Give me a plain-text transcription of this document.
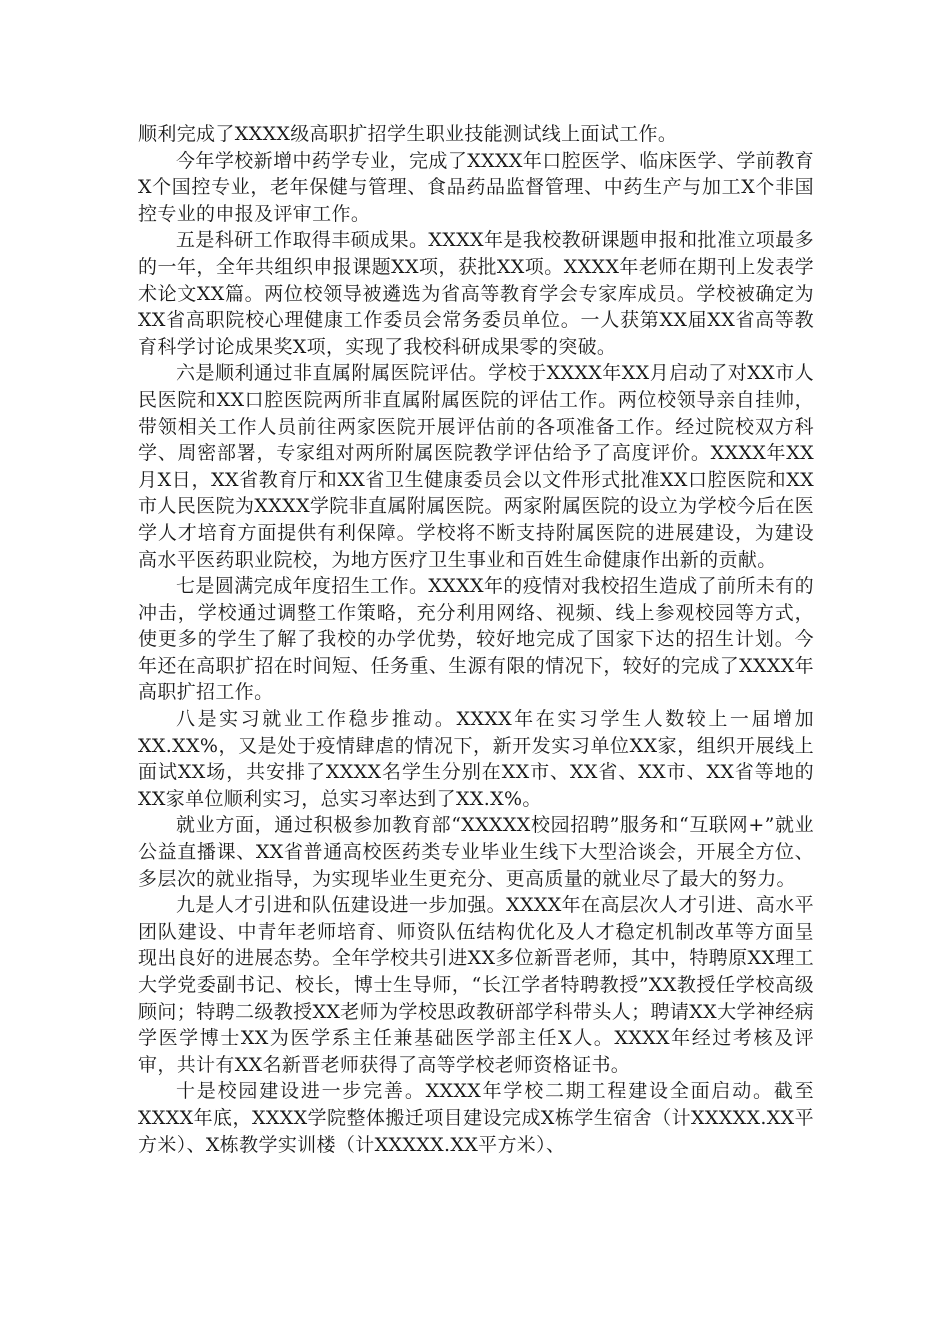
顺利完成了XXXX级高职扩招学生职业技能测试线上面试工作。

今年学校新增中药学专业，完成了XXXX年口腔医学、临床医学、学前教育X个国控专业，老年保健与管理、食品药品监督管理、中药生产与加工X个非国控专业的申报及评审工作。

五是科研工作取得丰硕成果。XXXX年是我校教研课题申报和批准立项最多的一年，全年共组织申报课题XX项，获批XX项。XXXX年老师在期刊上发表学术论文XX篇。两位校领导被遴选为省高等教育学会专家库成员。学校被确定为XX省高职院校心理健康工作委员会常务委员单位。一人获第XX届XX省高等教育科学讨论成果奖X项，实现了我校科研成果零的突破。

六是顺利通过非直属附属医院评估。学校于XXXX年XX月启动了对XX市人民医院和XX口腔医院两所非直属附属医院的评估工作。两位校领导亲自挂帅，带领相关工作人员前往两家医院开展评估前的各项准备工作。经过院校双方科学、周密部署，专家组对两所附属医院教学评估给予了高度评价。XXXX年XX月X日，XX省教育厅和XX省卫生健康委员会以文件形式批准XX口腔医院和XX市人民医院为XXXX学院非直属附属医院。两家附属医院的设立为学校今后在医学人才培育方面提供有利保障。学校将不断支持附属医院的进展建设，为建设高水平医药职业院校，为地方医疗卫生事业和百姓生命健康作出新的贡献。

七是圆满完成年度招生工作。XXXX年的疫情对我校招生造成了前所未有的冲击，学校通过调整工作策略，充分利用网络、视频、线上参观校园等方式，使更多的学生了解了我校的办学优势，较好地完成了国家下达的招生计划。今年还在高职扩招在时间短、任务重、生源有限的情况下，较好的完成了XXXX年高职扩招工作。

八是实习就业工作稳步推动。XXXX年在实习学生人数较上一届增加XX.XX%，又是处于疫情肆虐的情况下，新开发实习单位XX家，组织开展线上面试XX场，共安排了XXXX名学生分别在XX市、XX省、XX市、XX省等地的XX家单位顺利实习，总实习率达到了XX.X%。

就业方面，通过积极参加教育部“XXXXX校园招聘”服务和“互联网+”就业公益直播课、XX省普通高校医药类专业毕业生线下大型洽谈会，开展全方位、多层次的就业指导，为实现毕业生更充分、更高质量的就业尽了最大的努力。

九是人才引进和队伍建设进一步加强。XXXX年在高层次人才引进、高水平团队建设、中青年老师培育、师资队伍结构优化及人才稳定机制改革等方面呈现出良好的进展态势。全年学校共引进XX多位新晋老师，其中，特聘原XX理工大学党委副书记、校长，博士生导师，“长江学者特聘教授”XX教授任学校高级顾问；特聘二级教授XX老师为学校思政教研部学科带头人；聘请XX大学神经病学医学博士XX为医学系主任兼基础医学部主任X人。XXXX年经过考核及评审，共计有XX名新晋老师获得了高等学校老师资格证书。

十是校园建设进一步完善。XXXX年学校二期工程建设全面启动。截至XXXX年底，XXXX学院整体搬迁项目建设完成X栋学生宿舍（计XXXXX.XX平方米）、X栋教学实训楼（计XXXXX.XX平方米）、
